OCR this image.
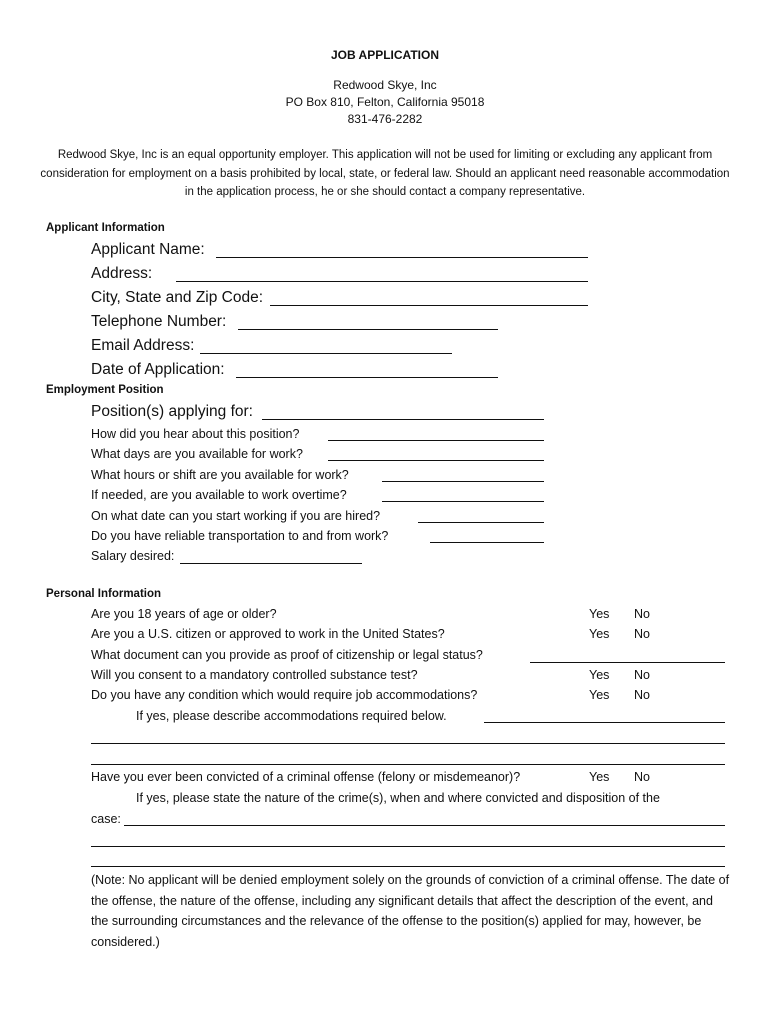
JOB APPLICATION
Redwood Skye, Inc
PO Box 810, Felton, California 95018
831-476-2282
Redwood Skye, Inc is an equal opportunity employer. This application will not be used for limiting or excluding any applicant from consideration for employment on a basis prohibited by local, state, or federal law. Should an applicant need reasonable accommodation in the application process, he or she should contact a company representative.
Applicant Information
Applicant Name:
Address:
City, State and Zip Code:
Telephone Number:
Email Address:
Date of Application:
Employment Position
Position(s) applying for:
How did you hear about this position?
What days are you available for work?
What hours or shift are you available for work?
If needed, are you available to work overtime?
On what date can you start working if you are hired?
Do you have reliable transportation to and from work?
Salary desired:
Personal Information
Are you 18 years of age or older?	Yes No
Are you a U.S. citizen or approved to work in the United States?	Yes No
What document can you provide as proof of citizenship or legal status?
Will you consent to a mandatory controlled substance test?	Yes No
Do you have any condition which would require job accommodations?	Yes No
If yes, please describe accommodations required below.
Have you ever been convicted of a criminal offense (felony or misdemeanor)?	Yes No
If yes, please state the nature of the crime(s), when and where convicted and disposition of the
case:
(Note: No applicant will be denied employment solely on the grounds of conviction of a criminal offense. The date of the offense, the nature of the offense, including any significant details that affect the description of the event, and the surrounding circumstances and the relevance of the offense to the position(s) applied for may, however, be considered.)
